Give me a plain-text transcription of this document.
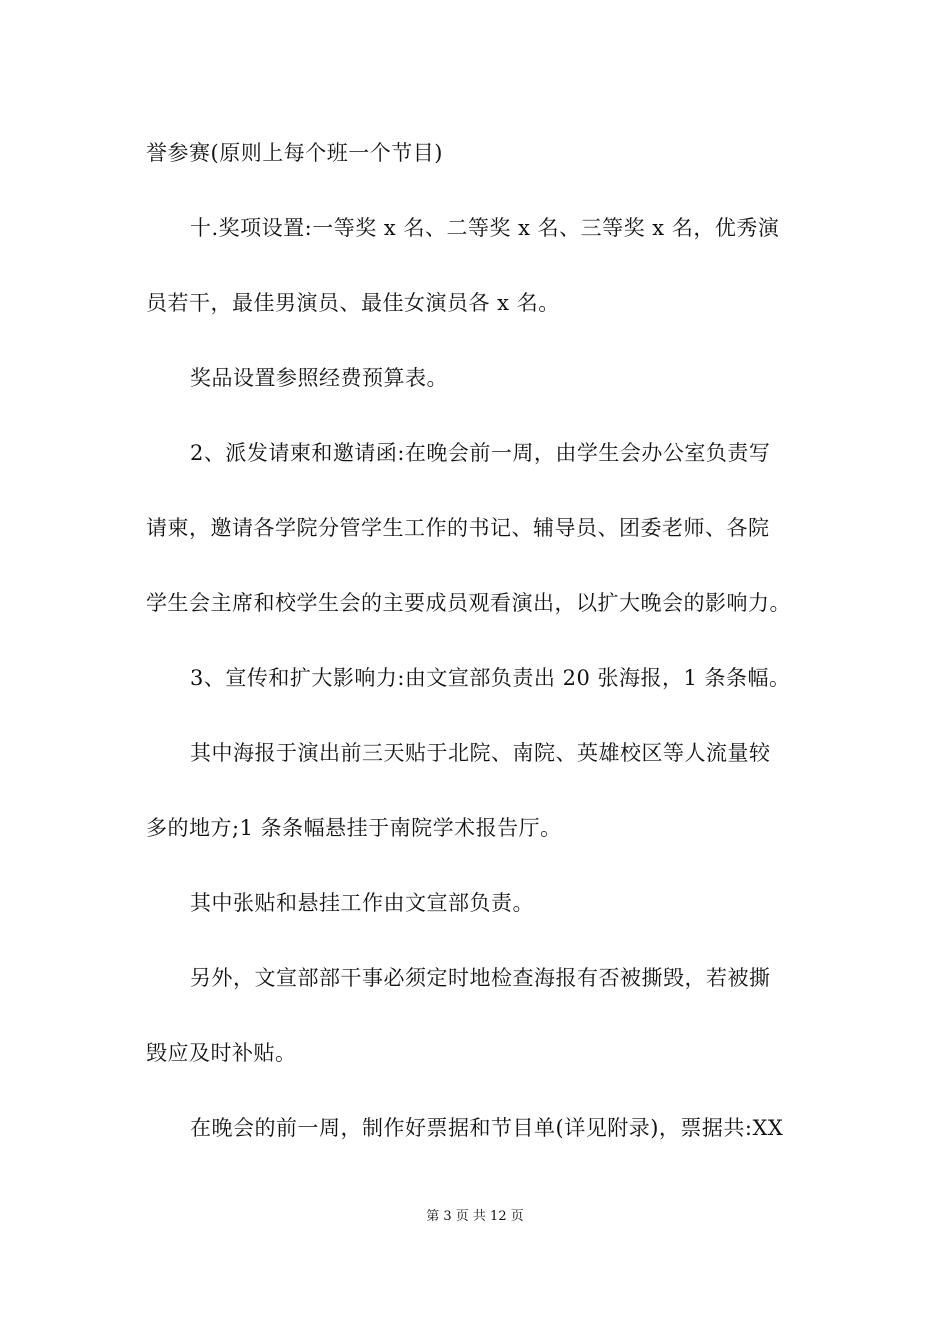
誉参赛(原则上每个班一个节目)
十.奖项设置:一等奖 x 名、二等奖 x 名、三等奖 x 名，优秀演
员若干，最佳男演员、最佳女演员各 x 名。
奖品设置参照经费预算表。
2、派发请柬和邀请函:在晚会前一周，由学生会办公室负责写
请柬，邀请各学院分管学生工作的书记、辅导员、团委老师、各院
学生会主席和校学生会的主要成员观看演出，以扩大晚会的影响力。
3、宣传和扩大影响力:由文宣部负责出 20 张海报，1 条条幅。
其中海报于演出前三天贴于北院、南院、英雄校区等人流量较
多的地方;1 条条幅悬挂于南院学术报告厅。
其中张贴和悬挂工作由文宣部负责。
另外，文宣部部干事必须定时地检查海报有否被撕毁，若被撕
毁应及时补贴。
在晚会的前一周，制作好票据和节目单(详见附录)，票据共:XX
第 3 页 共 12 页
